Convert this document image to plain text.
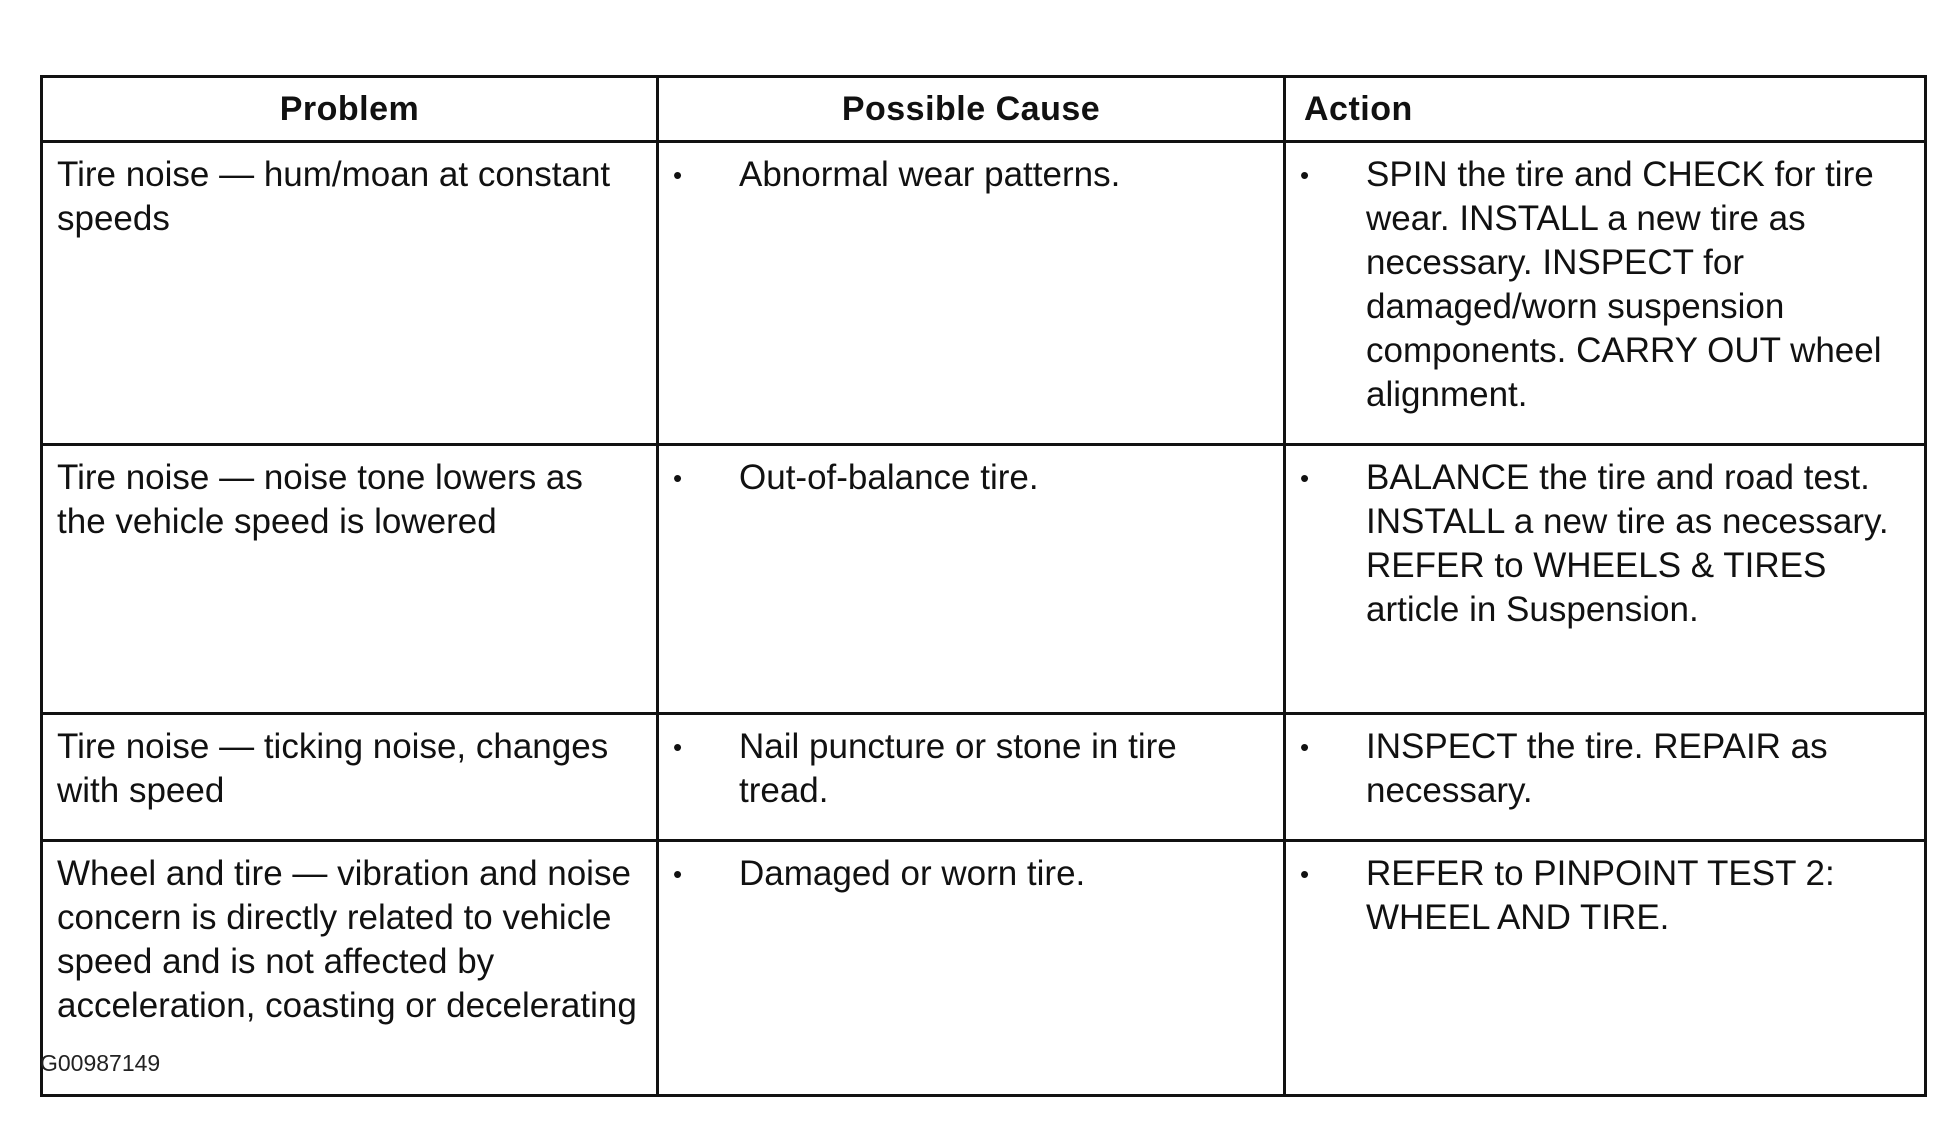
Problem	Possible Cause	Action
Tire noise — hum/moan at constant speeds	• Abnormal wear patterns.	• SPIN the tire and CHECK for tire wear. INSTALL a new tire as necessary. INSPECT for damaged/worn suspension components. CARRY OUT wheel alignment.

Tire noise — noise tone lowers as the vehicle speed is lowered	• Out-of-balance tire.	• BALANCE the tire and road test. INSTALL a new tire as necessary. REFER to WHEELS & TIRES article in Suspension.

Tire noise — ticking noise, changes with speed	• Nail puncture or stone in tire tread.	• INSPECT the tire. REPAIR as necessary.

Wheel and tire — vibration and noise concern is directly related to vehicle speed and is not affected by acceleration, coasting or decelerating	• Damaged or worn tire.	• REFER to PINPOINT TEST 2: WHEEL AND TIRE.
G00987149
